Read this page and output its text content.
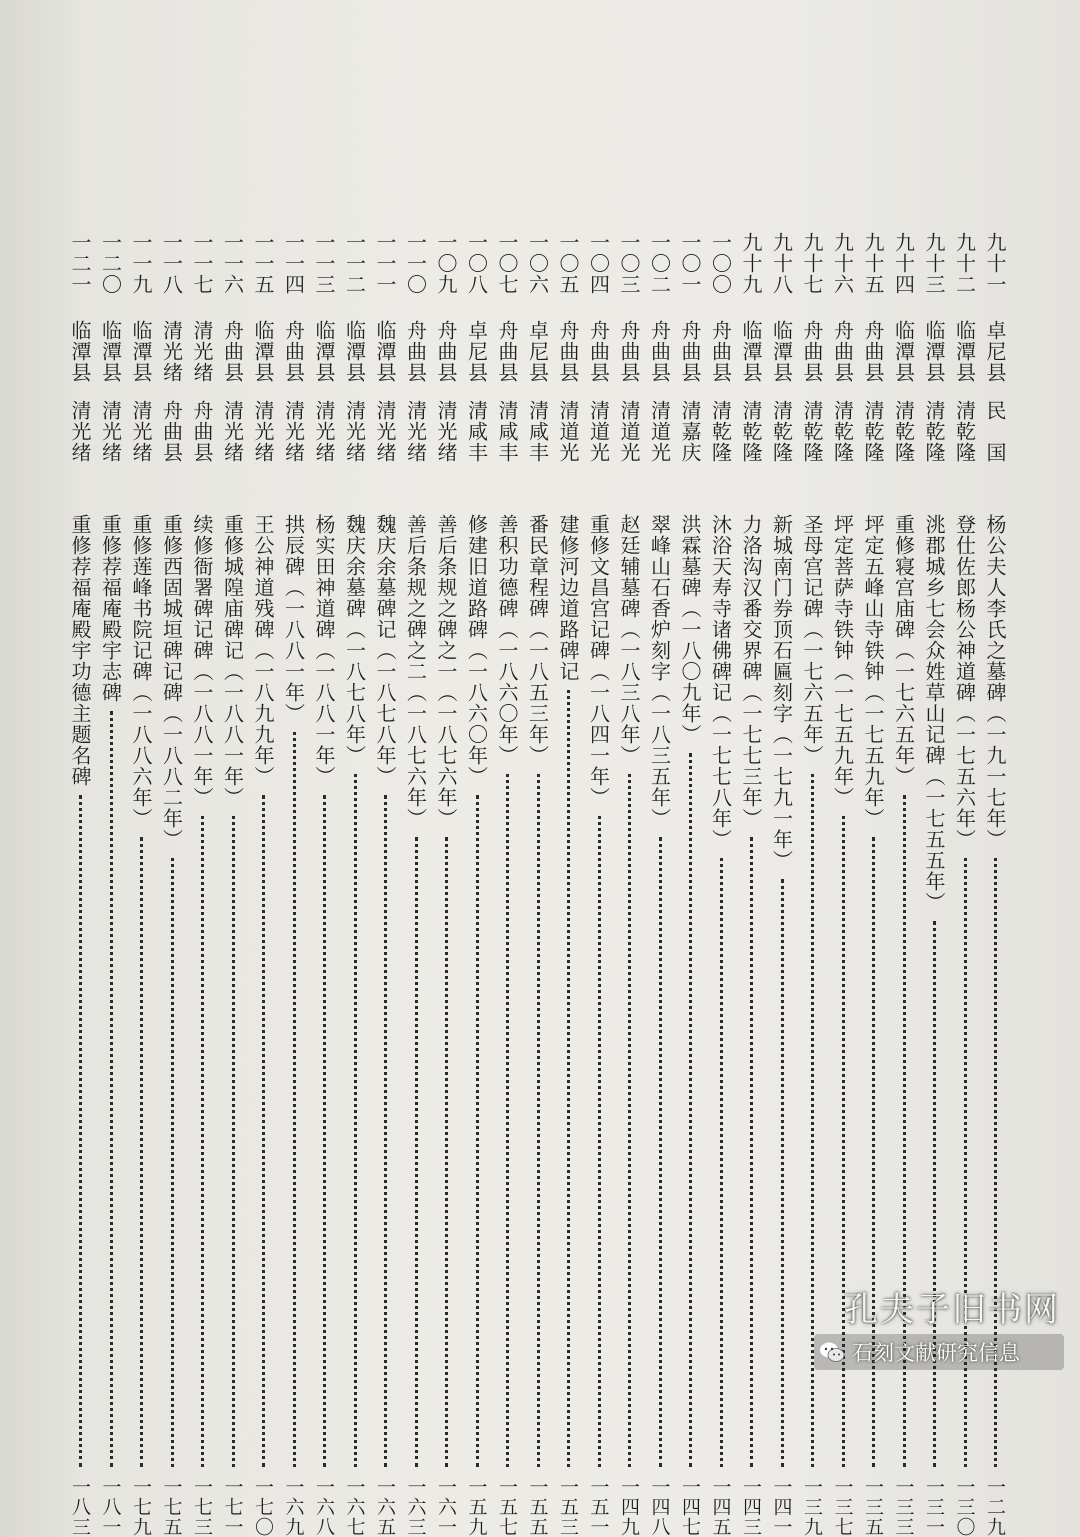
九十一
卓尼县
民　国
杨公夫人李氏之墓碑（一九一七年）
一二九
九十二
临潭县
清乾隆
登仕佐郎杨公神道碑（一七五六年）
一三〇
九十三
临潭县
清乾隆
洮郡城乡七会众姓草山记碑（一七五五年）
一三一
九十四
临潭县
清乾隆
重修寝宫庙碑（一七六五年）
一三三
九十五
舟曲县
清乾隆
坪定五峰山寺铁钟（一七五九年）
一三五
九十六
舟曲县
清乾隆
坪定菩萨寺铁钟（一七五九年）
一三七
九十七
舟曲县
清乾隆
圣母宫记碑（一七六五年）
一三九
九十八
临潭县
清乾隆
新城南门券顶石匾刻字（一七九一年）
一四一
九十九
临潭县
清乾隆
力洛沟汉番交界碑（一七七三年）
一四三
一〇〇
舟曲县
清乾隆
沐浴天寿寺诸佛碑记（一七七八年）
一四五
一〇一
舟曲县
清嘉庆
洪霖墓碑（一八〇九年）
一四七
一〇二
舟曲县
清道光
翠峰山石香炉刻字（一八三五年）
一四八
一〇三
舟曲县
清道光
赵廷辅墓碑（一八三八年）
一四九
一〇四
舟曲县
清道光
重修文昌宫记碑（一八四一年）
一五一
一〇五
舟曲县
清道光
建修河边道路碑记
一五三
一〇六
卓尼县
清咸丰
番民章程碑（一八五三年）
一五五
一〇七
舟曲县
清咸丰
善积功德碑（一八六〇年）
一五七
一〇八
卓尼县
清咸丰
修建旧道路碑（一八六〇年）
一五九
一〇九
舟曲县
清光绪
善后条规之碑之一（一八七六年）
一六一
一一〇
舟曲县
清光绪
善后条规之碑之二（一八七六年）
一六三
一一一
临潭县
清光绪
魏庆余墓碑记（一八七八年）
一六五
一一二
临潭县
清光绪
魏庆余墓碑（一八七八年）
一六七
一一三
临潭县
清光绪
杨实田神道碑（一八八一年）
一六八
一一四
舟曲县
清光绪
拱辰碑（一八八一年）
一六九
一一五
临潭县
清光绪
王公神道残碑（一八九九年）
一七〇
一一六
舟曲县
清光绪
重修城隍庙碑记（一八八一年）
一七一
一一七
清光绪
舟曲县
续修衙署碑记碑（一八八一年）
一七三
一一八
清光绪
舟曲县
重修西固城垣碑记碑（一八八二年）
一七五
一一九
临潭县
清光绪
重修莲峰书院记碑（一八八六年）
一七九
一二〇
临潭县
清光绪
重修荐福庵殿宇志碑
一八一
一二一
临潭县
清光绪
重修荐福庵殿宇功德主题名碑
一八三
孔夫子旧书网
石刻文献研究信息
